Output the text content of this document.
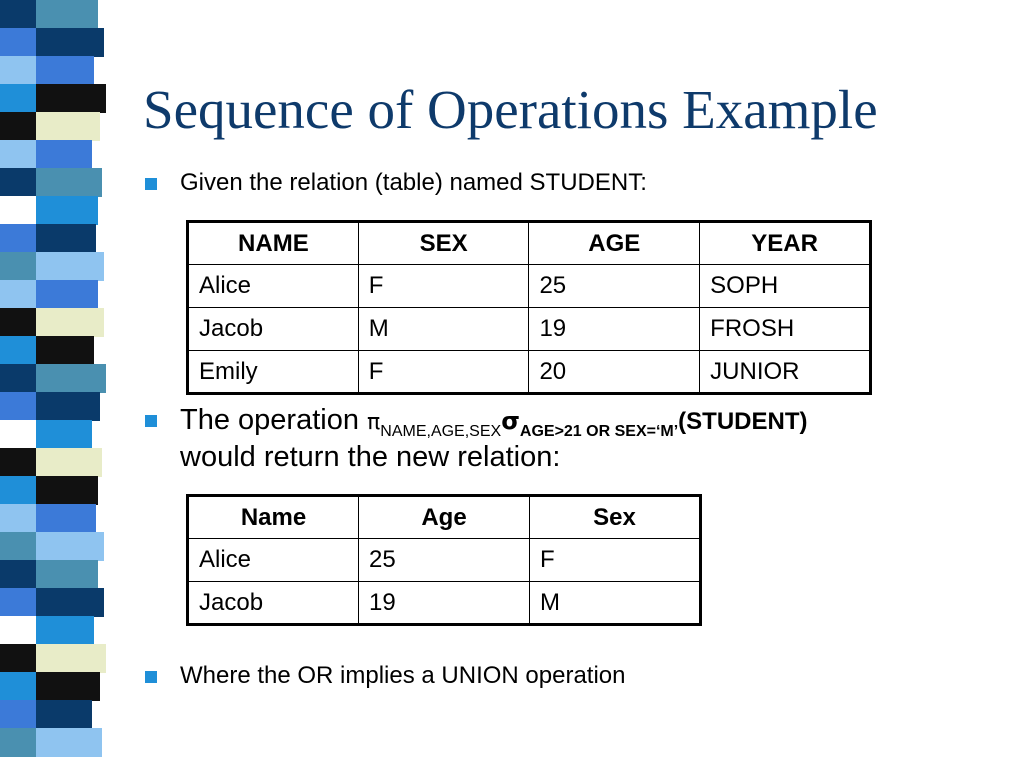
Sequence of Operations Example
Given the relation (table) named STUDENT:
NAME	SEX	AGE	YEAR
Alice	F	25	SOPH
Jacob	M	19	FROSH
Emily	F	20	JUNIOR
The operation $\pi_{NAME,AGE,SEX}\sigma_{AGE>21 OR SEX=‘M’}(STUDENT)$
would return the new relation:
Name	Age	Sex
Alice	25	F
Jacob	19	M
Where the OR implies a UNION operation
